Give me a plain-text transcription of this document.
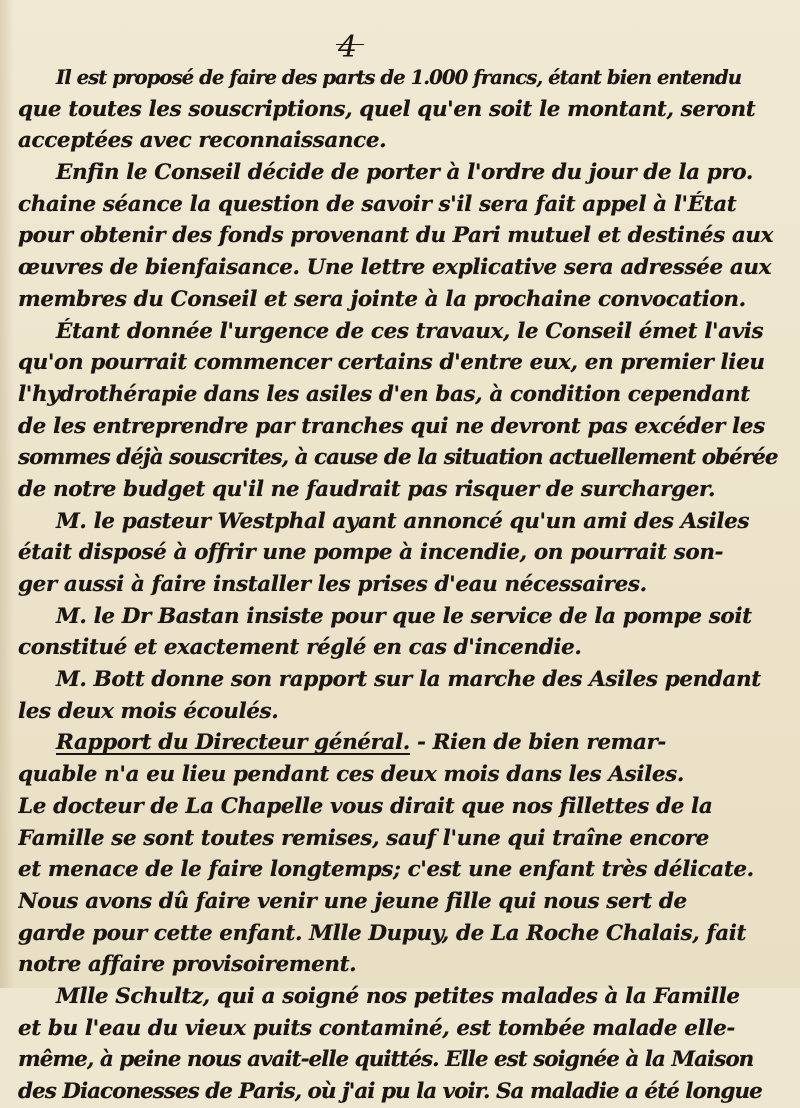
4
Il est proposé de faire des parts de 1.000 francs, étant bien entendu
que toutes les souscriptions, quel qu'en soit le montant, seront
acceptées avec reconnaissance.
Enfin le Conseil décide de porter à l'ordre du jour de la pro.
chaine séance la question de savoir s'il sera fait appel à l'État
pour obtenir des fonds provenant du Pari mutuel et destinés aux
œuvres de bienfaisance. Une lettre explicative sera adressée aux
membres du Conseil et sera jointe à la prochaine convocation.
Étant donnée l'urgence de ces travaux, le Conseil émet l'avis
qu'on pourrait commencer certains d'entre eux, en premier lieu
l'hydrothérapie dans les asiles d'en bas, à condition cependant
de les entreprendre par tranches qui ne devront pas excéder les
sommes déjà souscrites, à cause de la situation actuellement obérée
de notre budget qu'il ne faudrait pas risquer de surcharger.
M. le pasteur Westphal ayant annoncé qu'un ami des Asiles
était disposé à offrir une pompe à incendie, on pourrait son-
ger aussi à faire installer les prises d'eau nécessaires.
M. le Dr Bastan insiste pour que le service de la pompe soit
constitué et exactement réglé en cas d'incendie.
M. Bott donne son rapport sur la marche des Asiles pendant
les deux mois écoulés.
Rapport du Directeur général. - Rien de bien remar-
quable n'a eu lieu pendant ces deux mois dans les Asiles.
Le docteur de La Chapelle vous dirait que nos fillettes de la
Famille se sont toutes remises, sauf l'une qui traîne encore
et menace de le faire longtemps; c'est une enfant très délicate.
Nous avons dû faire venir une jeune fille qui nous sert de
garde pour cette enfant. Mlle Dupuy, de La Roche Chalais, fait
notre affaire provisoirement.
Mlle Schultz, qui a soigné nos petites malades à la Famille
et bu l'eau du vieux puits contaminé, est tombée malade elle-
même, à peine nous avait-elle quittés. Elle est soignée à la Maison
des Diaconesses de Paris, où j'ai pu la voir. Sa maladie a été longue
